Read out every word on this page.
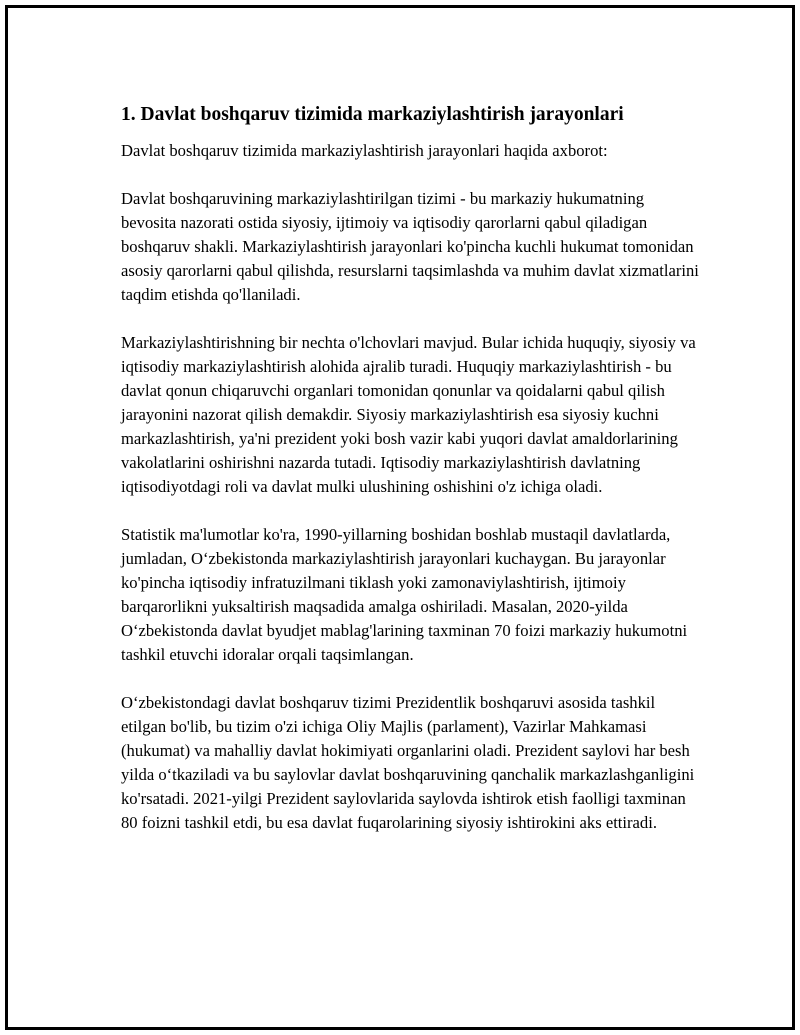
1. Davlat boshqaruv tizimida markaziylashtirish jarayonlari

Davlat boshqaruv tizimida markaziylashtirish jarayonlari haqida axborot:

Davlat boshqaruvining markaziylashtirilgan tizimi - bu markaziy hukumatning bevosita nazorati ostida siyosiy, ijtimoiy va iqtisodiy qarorlarni qabul qiladigan boshqaruv shakli. Markaziylashtirish jarayonlari ko'pincha kuchli hukumat tomonidan asosiy qarorlarni qabul qilishda, resurslarni taqsimlashda va muhim davlat xizmatlarini taqdim etishda qo'llaniladi.

Markaziylashtirishning bir nechta o'lchovlari mavjud. Bular ichida huquqiy, siyosiy va iqtisodiy markaziylashtirish alohida ajralib turadi. Huquqiy markaziylashtirish - bu davlat qonun chiqaruvchi organlari tomonidan qonunlar va qoidalarni qabul qilish jarayonini nazorat qilish demakdir. Siyosiy markaziylashtirish esa siyosiy kuchni markazlashtirish, ya'ni prezident yoki bosh vazir kabi yuqori davlat amaldorlarining vakolatlarini oshirishni nazarda tutadi. Iqtisodiy markaziylashtirish davlatning iqtisodiyotdagi roli va davlat mulki ulushining oshishini o'z ichiga oladi.

Statistik ma'lumotlar ko'ra, 1990-yillarning boshidan boshlab mustaqil davlatlarda, jumladan, O‘zbekistonda markaziylashtirish jarayonlari kuchaygan. Bu jarayonlar ko'pincha iqtisodiy infratuzilmani tiklash yoki zamonaviylashtirish, ijtimoiy barqarorlikni yuksaltirish maqsadida amalga oshiriladi. Masalan, 2020-yilda O‘zbekistonda davlat byudjet mablag'larining taxminan 70 foizi markaziy hukumotni tashkil etuvchi idoralar orqali taqsimlangan.

O‘zbekistondagi davlat boshqaruv tizimi Prezidentlik boshqaruvi asosida tashkil etilgan bo'lib, bu tizim o'zi ichiga Oliy Majlis (parlament), Vazirlar Mahkamasi (hukumat) va mahalliy davlat hokimiyati organlarini oladi. Prezident saylovi har besh yilda o‘tkaziladi va bu saylovlar davlat boshqaruvining qanchalik markazlashganligini ko'rsatadi. 2021-yilgi Prezident saylovlarida saylovda ishtirok etish faolligi taxminan 80 foizni tashkil etdi, bu esa davlat fuqarolarining siyosiy ishtirokini aks ettiradi.
